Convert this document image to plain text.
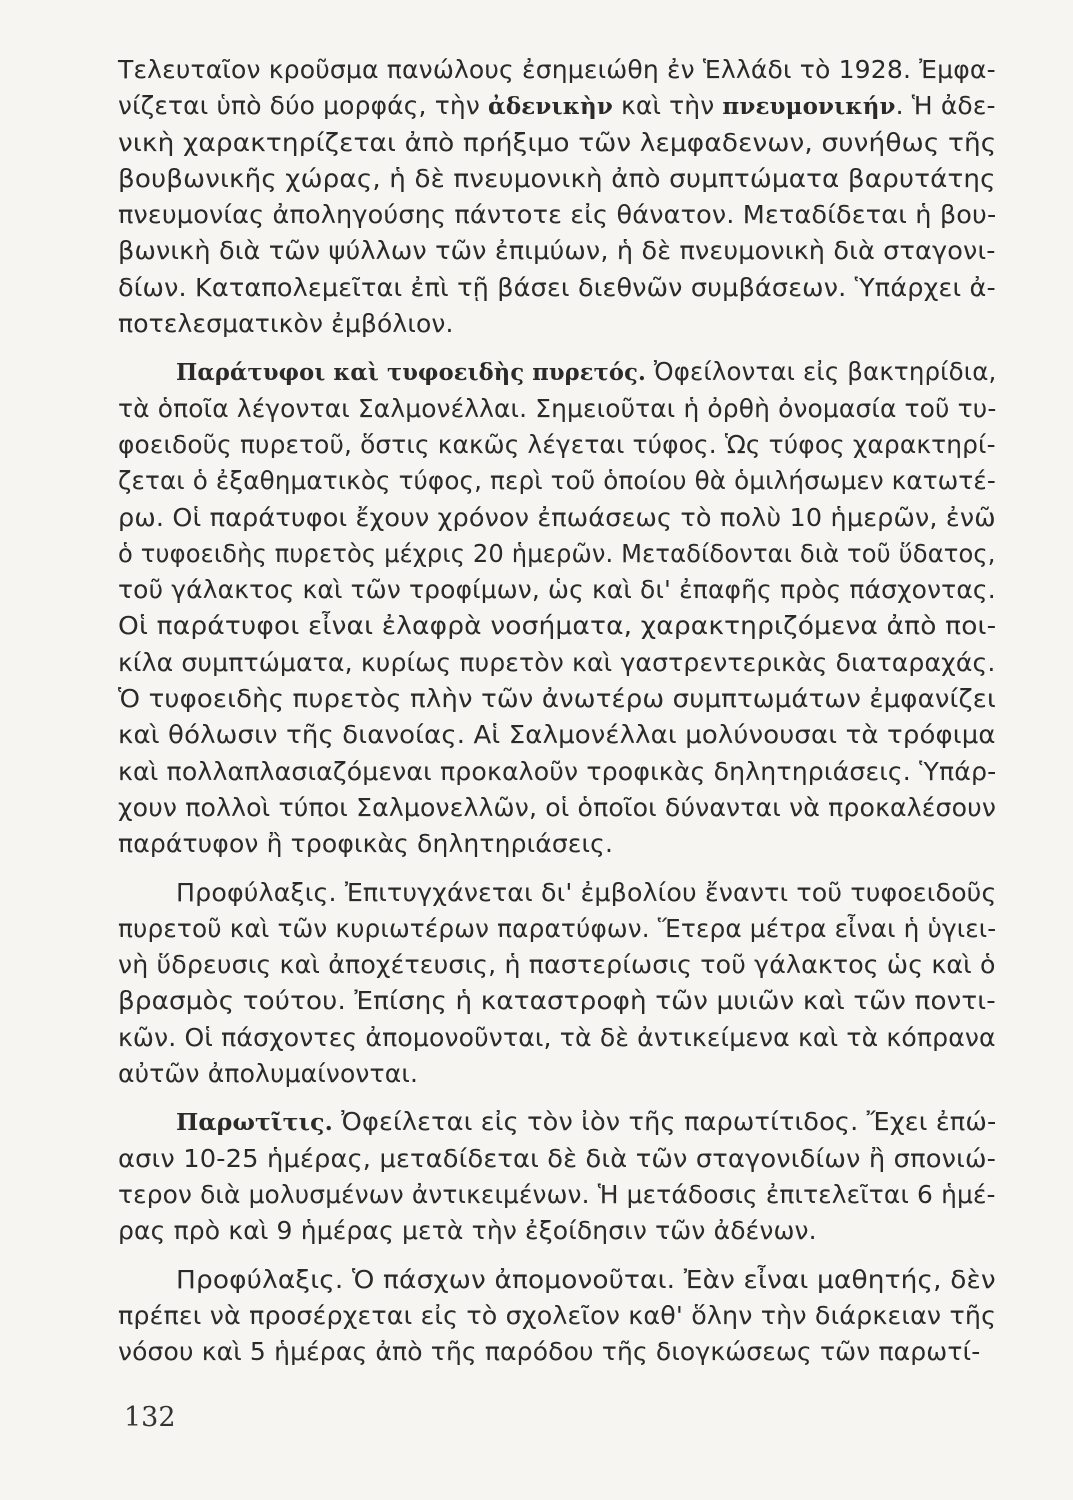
Τελευταῖον κροῦσμα πανώλους ἐσημειώθη ἐν Ἑλλάδι τὸ 1928. Ἐμφα-
νίζεται ὑπὸ δύο μορφάς, τὴν ἀδενικὴν καὶ τὴν πνευμονικήν. Ἡ ἀδε-
νικὴ χαρακτηρίζεται ἀπὸ πρήξιμο τῶν λεμφαδενων, συνήθως τῆς
βουβωνικῆς χώρας, ἡ δὲ πνευμονικὴ ἀπὸ συμπτώματα βαρυτάτης
πνευμονίας ἀποληγούσης πάντοτε εἰς θάνατον. Μεταδίδεται ἡ βου-
βωνικὴ διὰ τῶν ψύλλων τῶν ἐπιμύων, ἡ δὲ πνευμονικὴ διὰ σταγονι-
δίων. Καταπολεμεῖται ἐπὶ τῇ βάσει διεθνῶν συμβάσεων. Ὑπάρχει ἀ-
ποτελεσματικὸν ἐμβόλιον.
Παράτυφοι καὶ τυφοειδὴς πυρετός. Ὀφείλονται εἰς βακτηρίδια,
τὰ ὁποῖα λέγονται Σαλμονέλλαι. Σημειοῦται ἡ ὀρθὴ ὀνομασία τοῦ τυ-
φοειδοῦς πυρετοῦ, ὅστις κακῶς λέγεται τύφος. Ὡς τύφος χαρακτηρί-
ζεται ὁ ἐξαθηματικὸς τύφος, περὶ τοῦ ὁποίου θὰ ὁμιλήσωμεν κατωτέ-
ρω. Οἱ παράτυφοι ἔχουν χρόνον ἐπωάσεως τὸ πολὺ 10 ἡμερῶν, ἐνῶ
ὁ τυφοειδὴς πυρετὸς μέχρις 20 ἡμερῶν. Μεταδίδονται διὰ τοῦ ὕδατος,
τοῦ γάλακτος καὶ τῶν τροφίμων, ὡς καὶ δι' ἐπαφῆς πρὸς πάσχοντας.
Οἱ παράτυφοι εἶναι ἐλαφρὰ νοσήματα, χαρακτηριζόμενα ἀπὸ ποι-
κίλα συμπτώματα, κυρίως πυρετὸν καὶ γαστρεντερικὰς διαταραχάς.
Ὁ τυφοειδὴς πυρετὸς πλὴν τῶν ἀνωτέρω συμπτωμάτων ἐμφανίζει
καὶ θόλωσιν τῆς διανοίας. Αἱ Σαλμονέλλαι μολύνουσαι τὰ τρόφιμα
καὶ πολλαπλασιαζόμεναι προκαλοῦν τροφικὰς δηλητηριάσεις. Ὑπάρ-
χουν πολλοὶ τύποι Σαλμονελλῶν, οἱ ὁποῖοι δύνανται νὰ προκαλέσουν
παράτυφον ἢ τροφικὰς δηλητηριάσεις.
Προφύλαξις. Ἐπιτυγχάνεται δι' ἐμβολίου ἔναντι τοῦ τυφοειδοῦς
πυρετοῦ καὶ τῶν κυριωτέρων παρατύφων. Ἕτερα μέτρα εἶναι ἡ ὑγιει-
νὴ ὕδρευσις καὶ ἀποχέτευσις, ἡ παστερίωσις τοῦ γάλακτος ὡς καὶ ὁ
βρασμὸς τούτου. Ἐπίσης ἡ καταστροφὴ τῶν μυιῶν καὶ τῶν ποντι-
κῶν. Οἱ πάσχοντες ἀπομονοῦνται, τὰ δὲ ἀντικείμενα καὶ τὰ κόπρανα
αὐτῶν ἀπολυμαίνονται.
Παρωτῖτις. Ὀφείλεται εἰς τὸν ἰὸν τῆς παρωτίτιδος. Ἔχει ἐπώ-
ασιν 10-25 ἡμέρας, μεταδίδεται δὲ διὰ τῶν σταγονιδίων ἢ σπονιώ-
τερον διὰ μολυσμένων ἀντικειμένων. Ἡ μετάδοσις ἐπιτελεῖται 6 ἡμέ-
ρας πρὸ καὶ 9 ἡμέρας μετὰ τὴν ἐξοίδησιν τῶν ἀδένων.
Προφύλαξις. Ὁ πάσχων ἀπομονοῦται. Ἐὰν εἶναι μαθητής, δὲν
πρέπει νὰ προσέρχεται εἰς τὸ σχολεῖον καθ' ὅλην τὴν διάρκειαν τῆς
νόσου καὶ 5 ἡμέρας ἀπὸ τῆς παρόδου τῆς διογκώσεως τῶν παρωτί-
132
